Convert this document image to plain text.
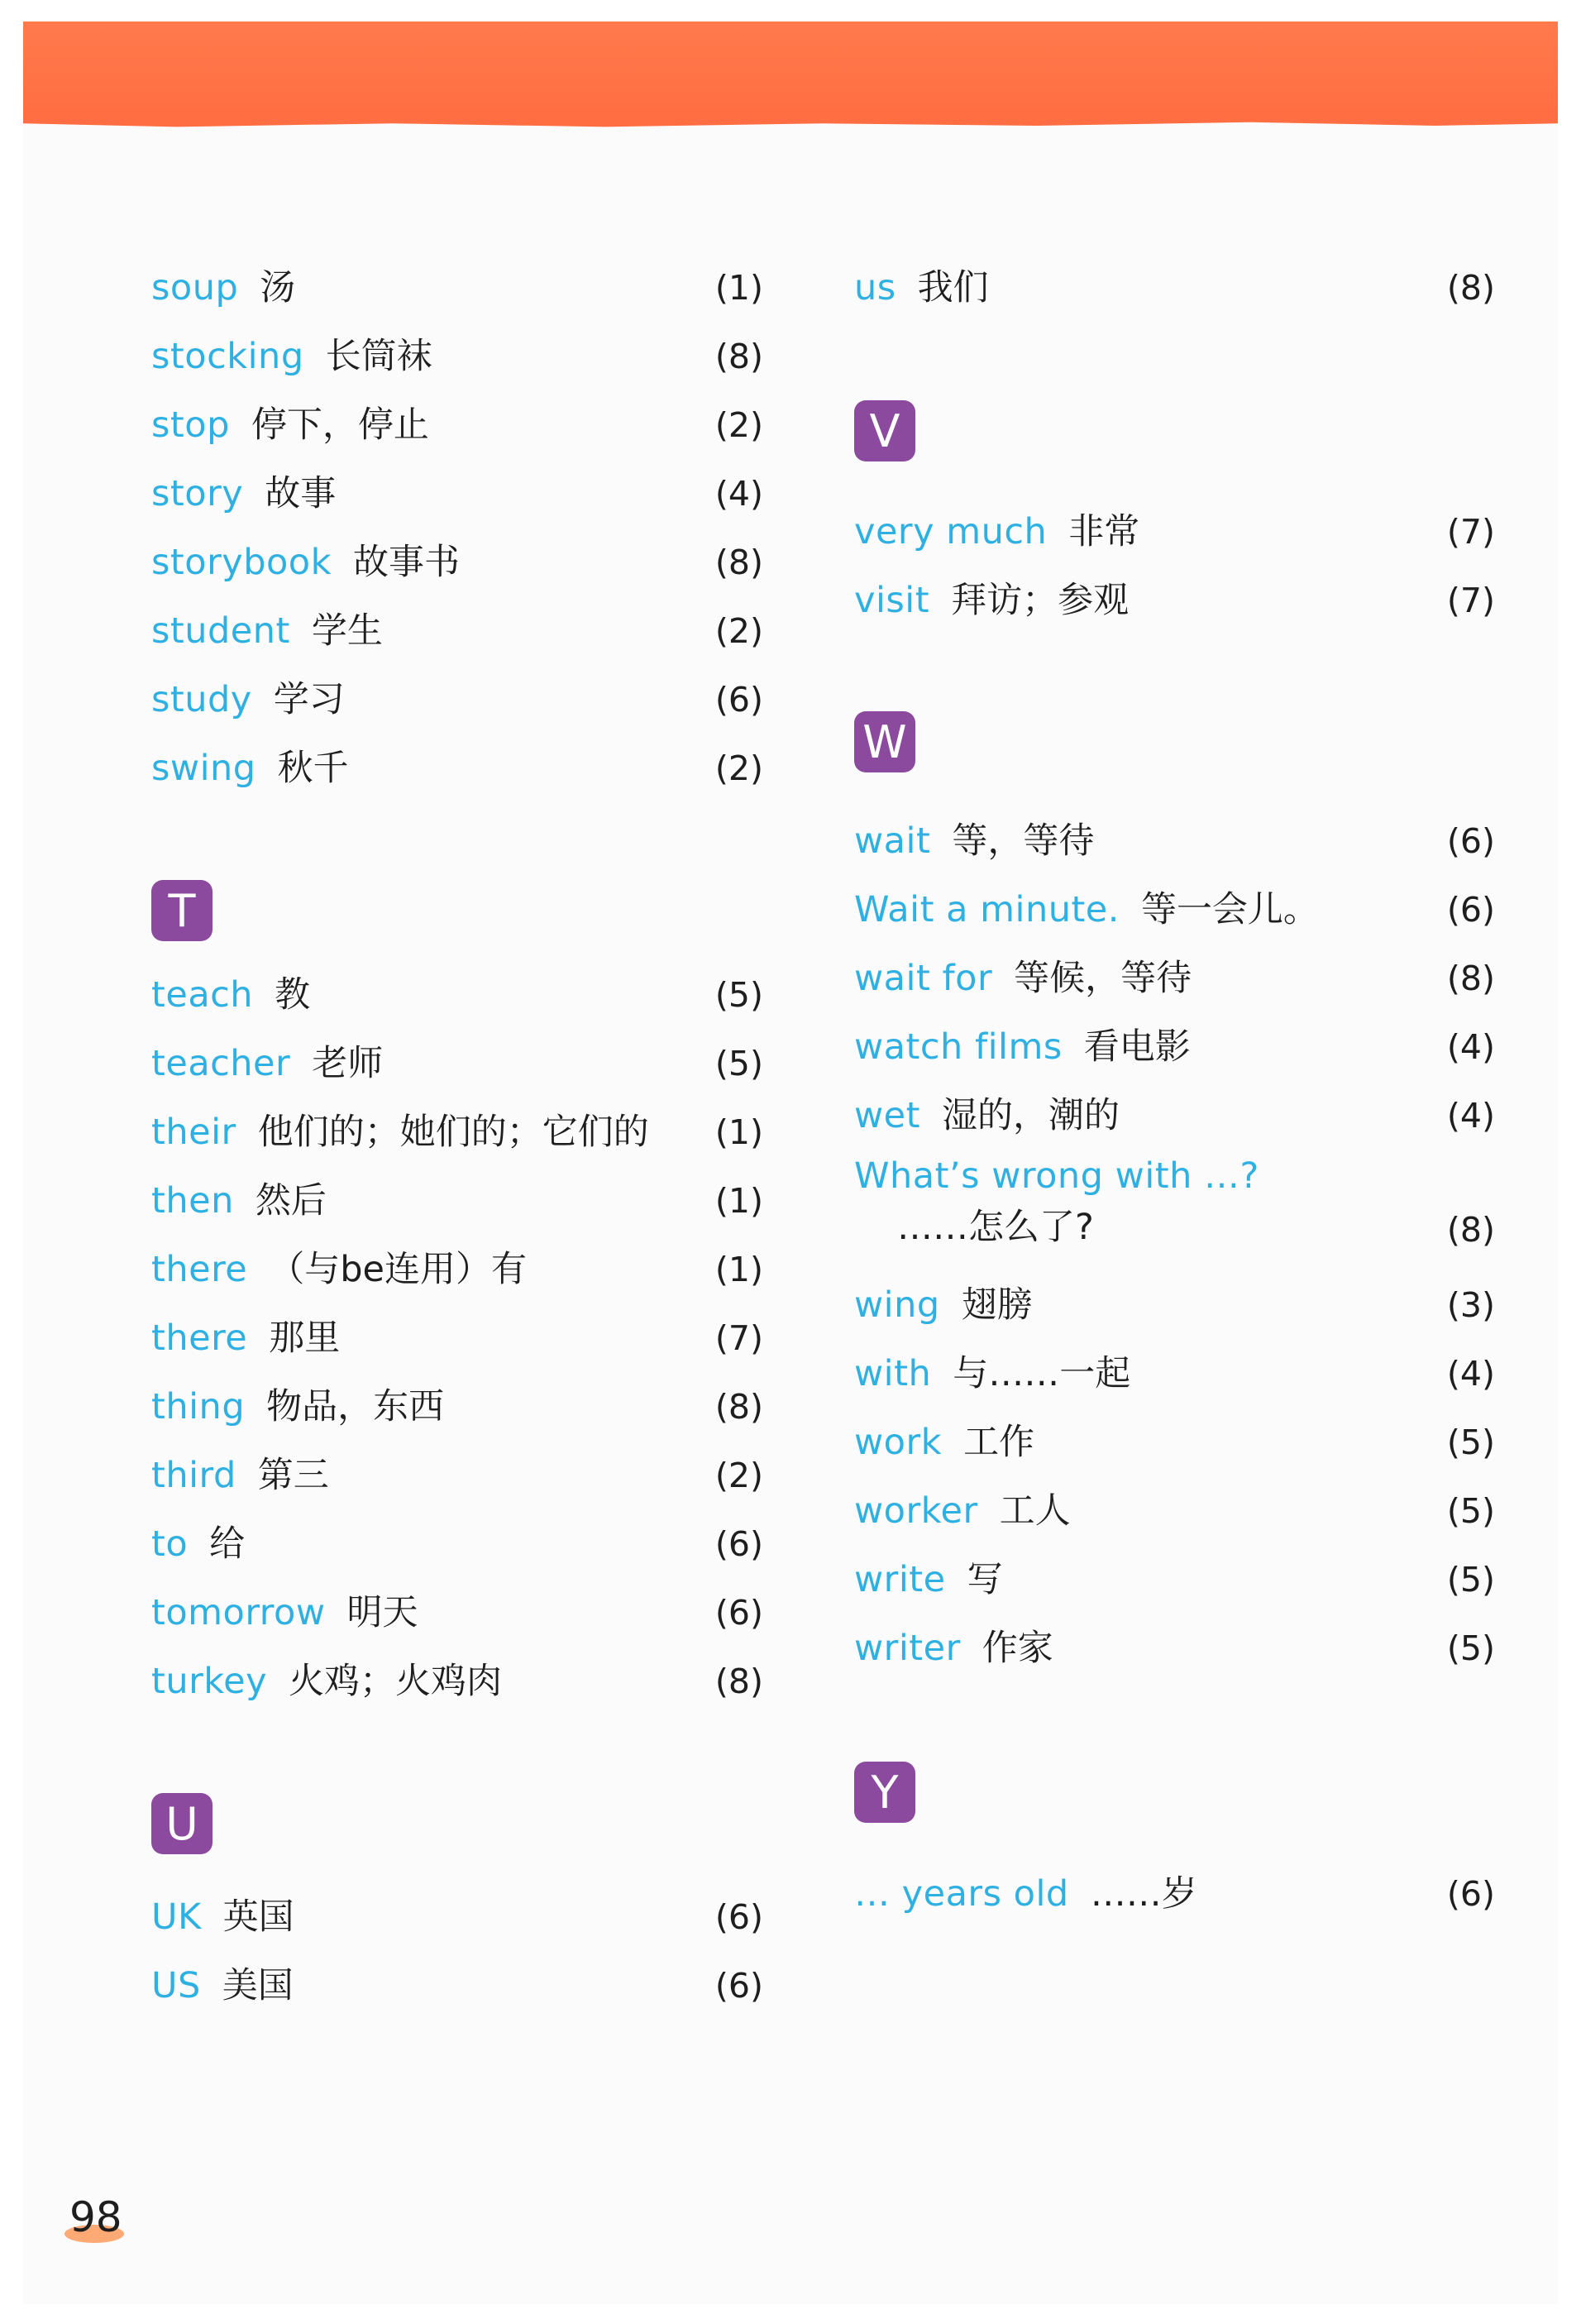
soup 汤	(1)
stocking 长筒袜	(8)
stop 停下，停止	(2)
story 故事	(4)
storybook 故事书	(8)
student 学生	(2)
study 学习	(6)
swing 秋千	(2)
T
teach 教	(5)
teacher 老师	(5)
their 他们的；她们的；它们的 (1)
then 然后	(1)
there （与be连用）有	(1)
there 那里	(7)
thing 物品，东西	(8)
third 第三	(2)
to 给	(6)
tomorrow 明天	(6)
turkey 火鸡；火鸡肉	(8)
U
UK 英国	(6)
US 美国	(6)
us 我们	(8)
V
very much 非常	(7)
visit 拜访；参观	(7)
W
wait 等，等待	(6)
Wait a minute. 等一会儿。	(6)
wait for 等候，等待	(8)
watch films 看电影	(4)
wet 湿的，潮的	(4)
What’s wrong with …?
……怎么了?	(8)
wing 翅膀	(3)
with 与……一起	(4)
work 工作	(5)
worker 工人	(5)
write 写	(5)
writer 作家	(5)
Y
… years old ……岁	(6)
98
